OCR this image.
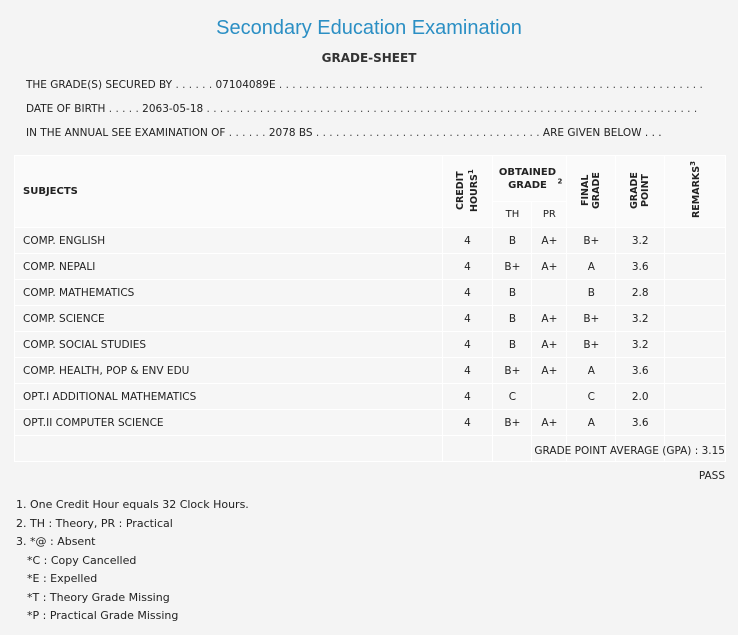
Secondary Education Examination
GRADE-SHEET
THE GRADE(S) SECURED BY . . . . . . 07104089E . . . . . . . . . . . . . . . . . . . . . . . . . . . . . . . . . . . . . . . . . . . . . . . . . . . . . . . . . . . . . . . .
DATE OF BIRTH . . . . . 2063-05-18 . . . . . . . . . . . . . . . . . . . . . . . . . . . . . . . . . . . . . . . . . . . . . . . . . . . . . . . . . . . . . . . . . . . . . . . . . .
IN THE ANNUAL SEE EXAMINATION OF . . . . . . 2078 BS . . . . . . . . . . . . . . . . . . . . . . . . . . . . . . . . . . ARE GIVEN BELOW . . .
SUBJECTS	CREDIT HOURS$^1$	OBTAINED GRADE $^2$		FINAL GRADE	GRADE POINT	REMARKS$^3$
		TH	PR			
COMP. ENGLISH	4	B	A+	B+	3.2	
COMP. NEPALI	4	B+	A+	A	3.6	
COMP. MATHEMATICS	4	B		B	2.8	
COMP. SCIENCE	4	B	A+	B+	3.2	
COMP. SOCIAL STUDIES	4	B	A+	B+	3.2	
COMP. HEALTH, POP & ENV EDU	4	B+	A+	A	3.6	
OPT.I ADDITIONAL MATHEMATICS	4	C		C	2.0	
OPT.II COMPUTER SCIENCE	4	B+	A+	A	3.6	

GRADE POINT AVERAGE (GPA) : 3.15
PASS
1. One Credit Hour equals 32 Clock Hours.
2. TH : Theory, PR : Practical
3. *@ : Absent
*C : Copy Cancelled
*E : Expelled
*T : Theory Grade Missing
*P : Practical Grade Missing
